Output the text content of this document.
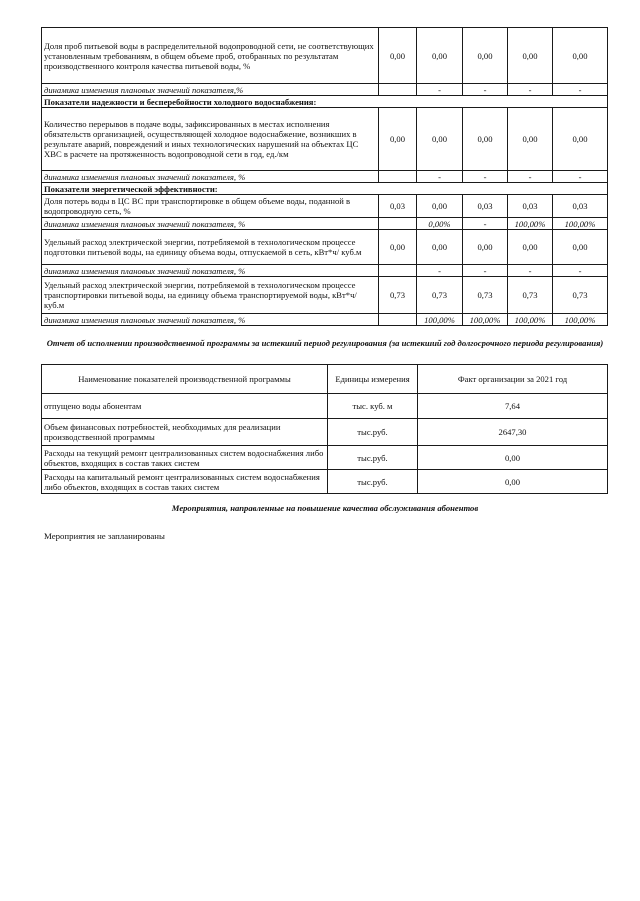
Доля проб питьевой воды в распределительной водопроводной сети, не соответствующих установленным требованиям, в общем объеме проб, отобранных по результатам производственного контроля качества питьевой воды, %	0,00	0,00	0,00	0,00	0,00
динамика изменения плановых значений показателя,%		-	-	-	-
Показатели надежности и бесперебойности холодного водоснабжения:					
Количество перерывов в подаче воды, зафиксированных в местах исполнения обязательств организацией, осуществляющей холодное водоснабжение, возникших в результате аварий, повреждений и иных технологических нарушений на объектах ЦС ХВС в расчете на протяженность водопроводной сети в год, ед./км	0,00	0,00	0,00	0,00	0,00
динамика изменения плановых значений показателя, %		-	-	-	-
Показатели энергетической эффективности:					
Доля потерь воды в ЦС ВС при транспортировке в общем объеме воды, поданной в водопроводную сеть, %	0,03	0,00	0,03	0,03	0,03
динамика изменения плановых значений показателя, %		0,00%	-	100,00%	100,00%
Удельный расход электрической энергии, потребляемой в технологическом процессе подготовки питьевой воды, на единицу объема воды, отпускаемой в сеть, кВт*ч/ куб.м	0,00	0,00	0,00	0,00	0,00
динамика изменения плановых значений показателя, %		-	-	-	-
Удельный расход электрической энергии, потребляемой в технологическом процессе транспортировки питьевой воды, на единицу объема транспортируемой воды, кВт*ч/ куб.м	0,73	0,73	0,73	0,73	0,73
динамика изменения плановых значений показателя, %		100,00%	100,00%	100,00%	100,00%
Отчет об исполнении производственной программы за истекший период регулирования (за истекший год долгосрочного периода регулирования)
Наименование показателей производственной программы	Единицы измерения	Факт организации за 2021 год
отпущено воды абонентам	тыс. куб. м	7,64
Объем финансовых потребностей, необходимых для реализации производственной программы	тыс.руб.	2647,30
Расходы на текущий ремонт централизованных систем водоснабжения либо объектов, входящих в состав таких систем	тыс.руб.	0,00
Расходы на капитальный ремонт централизованных систем водоснабжения либо объектов, входящих в состав таких систем	тыс.руб.	0,00
Мероприятия, направленные на повышение качества обслуживания абонентов
Мероприятия не запланированы
